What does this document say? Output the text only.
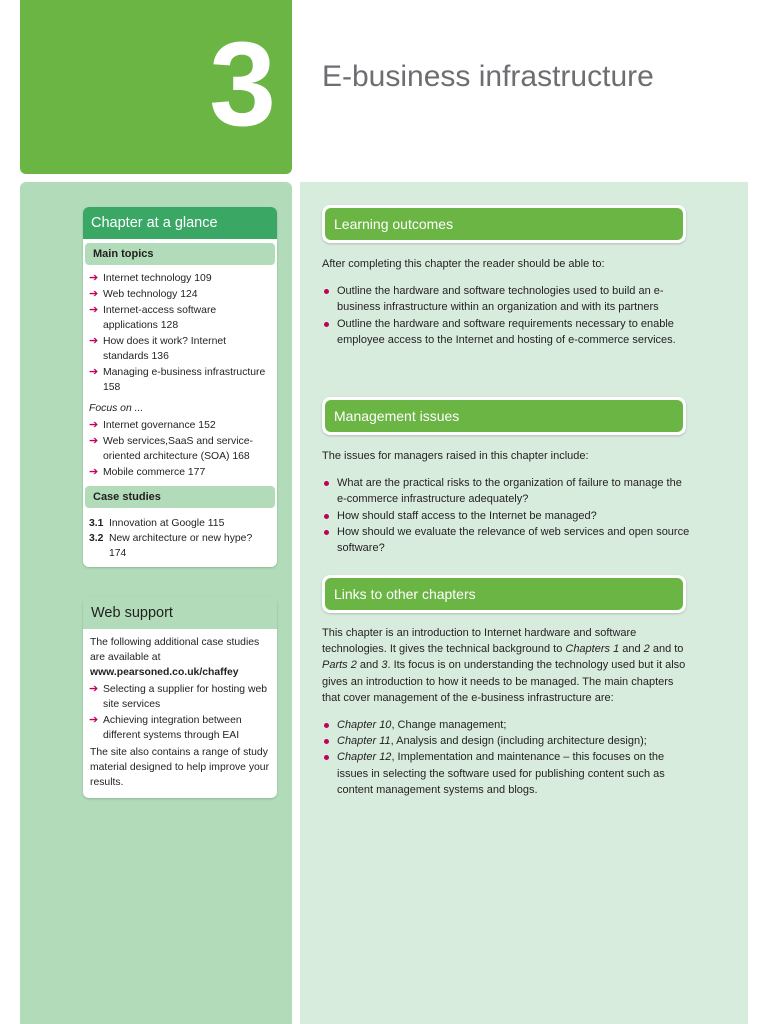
3 E-business infrastructure
Chapter at a glance
Main topics
➔ Internet technology 109
➔ Web technology 124
➔ Internet-access software applications 128
➔ How does it work? Internet standards 136
➔ Managing e-business infrastructure 158
Focus on ...
➔ Internet governance 152
➔ Web services,SaaS and service-oriented architecture (SOA) 168
➔ Mobile commerce 177
Case studies
3.1 Innovation at Google 115
3.2 New architecture or new hype? 174
Web support

The following additional case studies are available at
www.pearsoned.co.uk/chaffey

➔ Selecting a supplier for hosting web site services
➔ Achieving integration between different systems through EAI

The site also contains a range of study material designed to help improve your results.

Learning outcomes

After completing this chapter the reader should be able to:

Outline the hardware and software technologies used to build an e-business infrastructure within an organization and with its partners
Outline the hardware and software requirements necessary to enable employee access to the Internet and hosting of e-commerce services.
Management issues

The issues for managers raised in this chapter include:

What are the practical risks to the organization of failure to manage the e-commerce infrastructure adequately?
How should staff access to the Internet be managed?
How should we evaluate the relevance of web services and open source software?
Links to other chapters

This chapter is an introduction to Internet hardware and software technologies. It gives the technical background to Chapters 1 and 2 and to Parts 2 and 3. Its focus is on understanding the technology used but it also gives an introduction to how it needs to be managed. The main chapters that cover management of the e-business infrastructure are:

Chapter 10, Change management;
Chapter 11, Analysis and design (including architecture design);
Chapter 12, Implementation and maintenance – this focuses on the issues in selecting the software used for publishing content such as content management systems and blogs.
